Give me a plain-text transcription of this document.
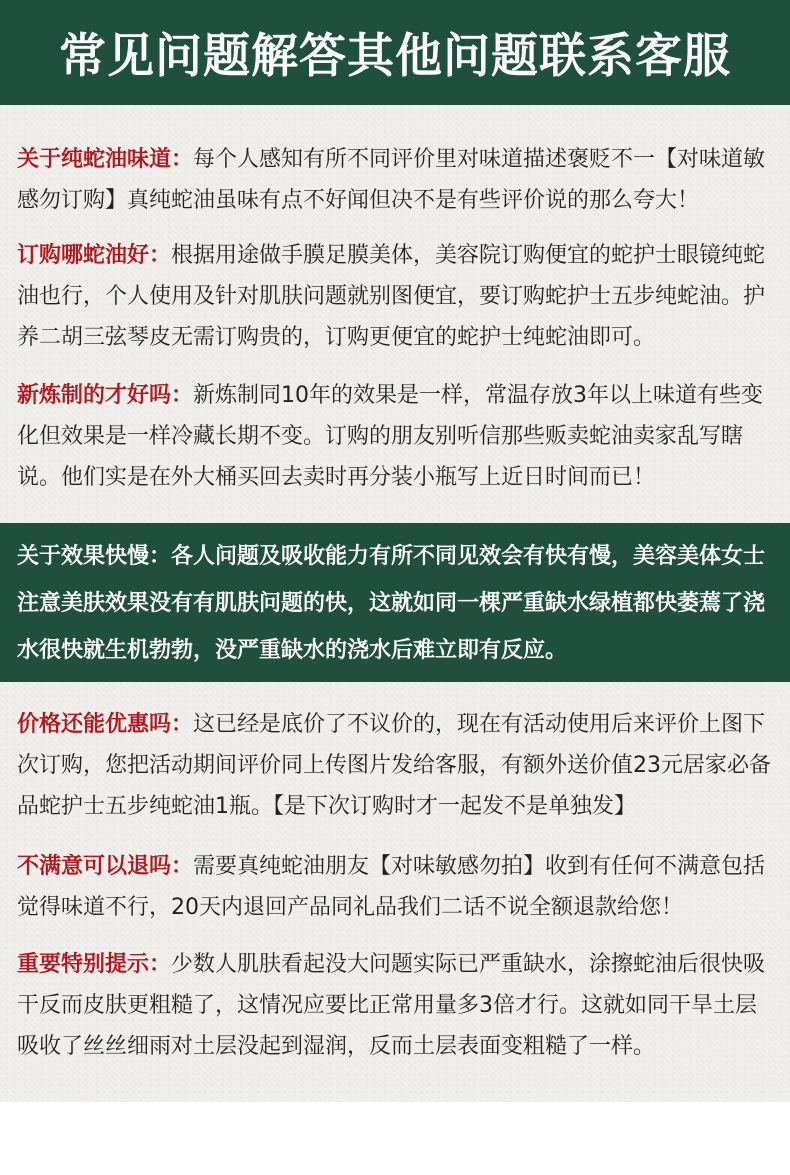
常见问题解答其他问题联系客服

关于纯蛇油味道：每个人感知有所不同评价里对味道描述褒贬不一【对味道敏感勿订购】真纯蛇油虽味有点不好闻但决不是有些评价说的那么夸大！

订购哪蛇油好：根据用途做手膜足膜美体，美容院订购便宜的蛇护士眼镜纯蛇油也行，个人使用及针对肌肤问题就别图便宜，要订购蛇护士五步纯蛇油。护养二胡三弦琴皮无需订购贵的，订购更便宜的蛇护士纯蛇油即可。

新炼制的才好吗：新炼制同10年的效果是一样，常温存放3年以上味道有些变化但效果是一样冷藏长期不变。订购的朋友别听信那些贩卖蛇油卖家乱写瞎说。他们实是在外大桶买回去卖时再分装小瓶写上近日时间而已！

关于效果快慢：各人问题及吸收能力有所不同见效会有快有慢，美容美体女士注意美肤效果没有有肌肤问题的快，这就如同一棵严重缺水绿植都快萎蔫了浇水很快就生机勃勃，没严重缺水的浇水后难立即有反应。

价格还能优惠吗：这已经是底价了不议价的，现在有活动使用后来评价上图下次订购，您把活动期间评价同上传图片发给客服，有额外送价值23元居家必备品蛇护士五步纯蛇油1瓶。【是下次订购时才一起发不是单独发】

不满意可以退吗：需要真纯蛇油朋友【对味敏感勿拍】收到有任何不满意包括觉得味道不行，20天内退回产品同礼品我们二话不说全额退款给您！

重要特别提示：少数人肌肤看起没大问题实际已严重缺水，涂擦蛇油后很快吸干反而皮肤更粗糙了，这情况应要比正常用量多3倍才行。这就如同干旱土层吸收了丝丝细雨对土层没起到湿润，反而土层表面变粗糙了一样。
